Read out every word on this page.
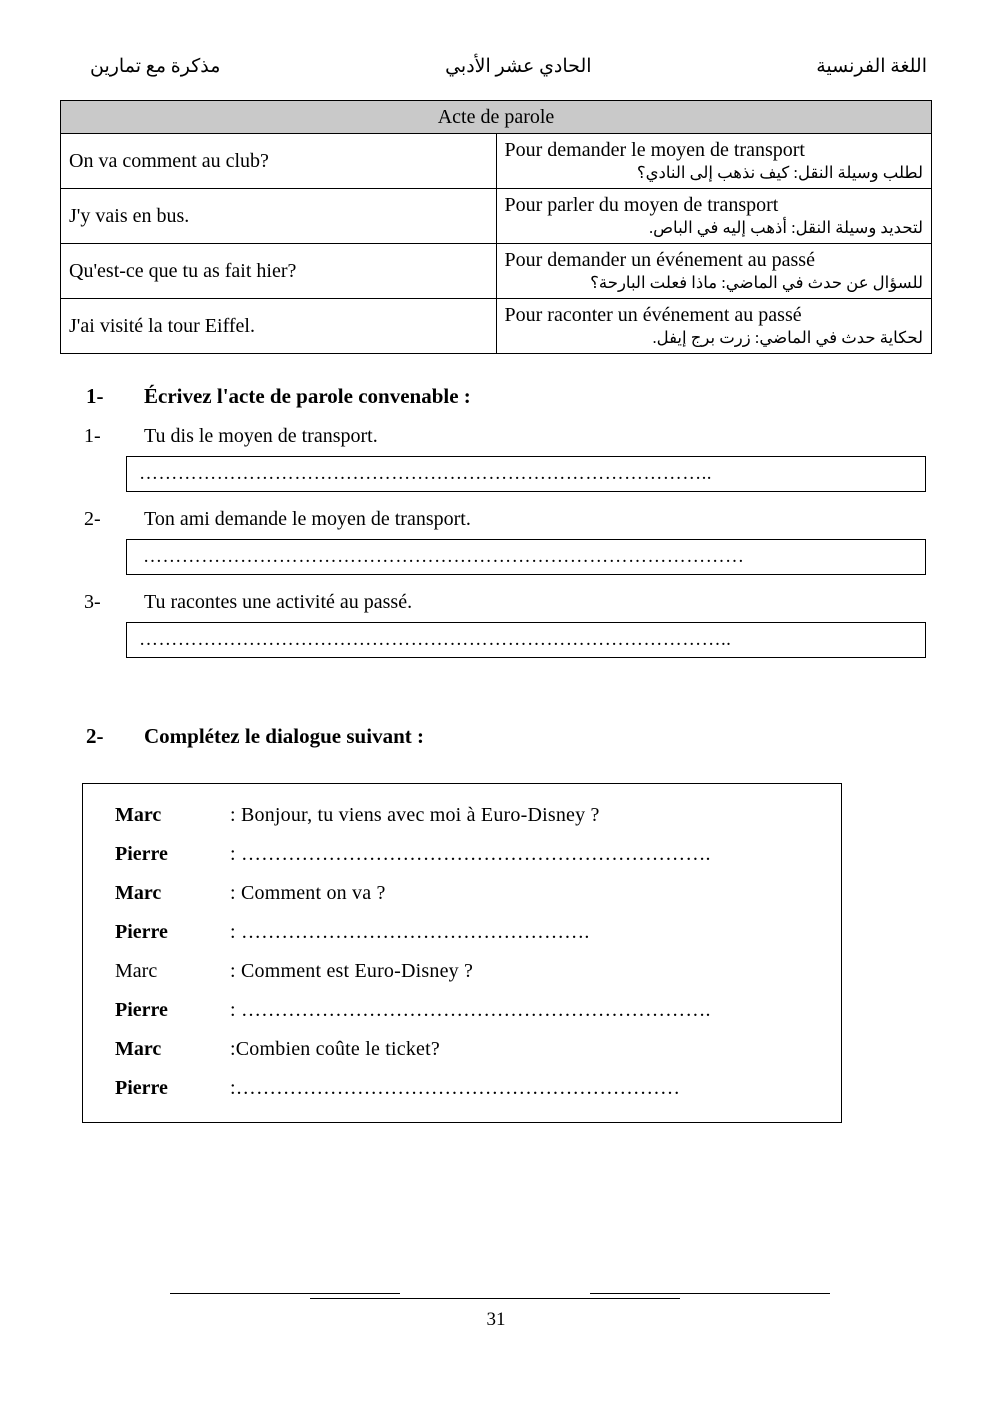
مذكرة مع تمارين	الحادي عشر الأدبي	اللغة الفرنسية
Acte de parole	
On va comment au club?	Pour demander le moyen de transport
لطلب وسيلة النقل: كيف نذهب إلى النادي؟

J'y vais en bus.	Pour parler du moyen de transport
لتحديد وسيلة النقل: أذهب إليه في الباص.

Qu'est-ce que tu as fait hier?	Pour demander un événement au passé
للسؤال عن حدث في الماضي: ماذا فعلت البارحة؟

J'ai visité la tour Eiffel.	Pour raconter un événement au passé
لحكاية حدث في الماضي: زرت برج إيفل.
1-	Écrivez l'acte de parole convenable :
1-	Tu dis le moyen de transport.
……………………………………………………………………………..
2-	Ton ami demande le moyen de transport.
…………………………………………………………………………………
3-	Tu racontes une activité au passé.
………………………………………………………………………………..
2-	Complétez le dialogue suivant :
Marc	: Bonjour, tu viens avec moi à Euro-Disney ?
Pierre	: …………………………………………………………….
Marc	: Comment on va ?
Pierre	: …………………………………………….
Marc	: Comment est Euro-Disney ?
Pierre	: …………………………………………………………….
Marc	:Combien coûte le ticket?
Pierre	:…………………………………………………………
31
